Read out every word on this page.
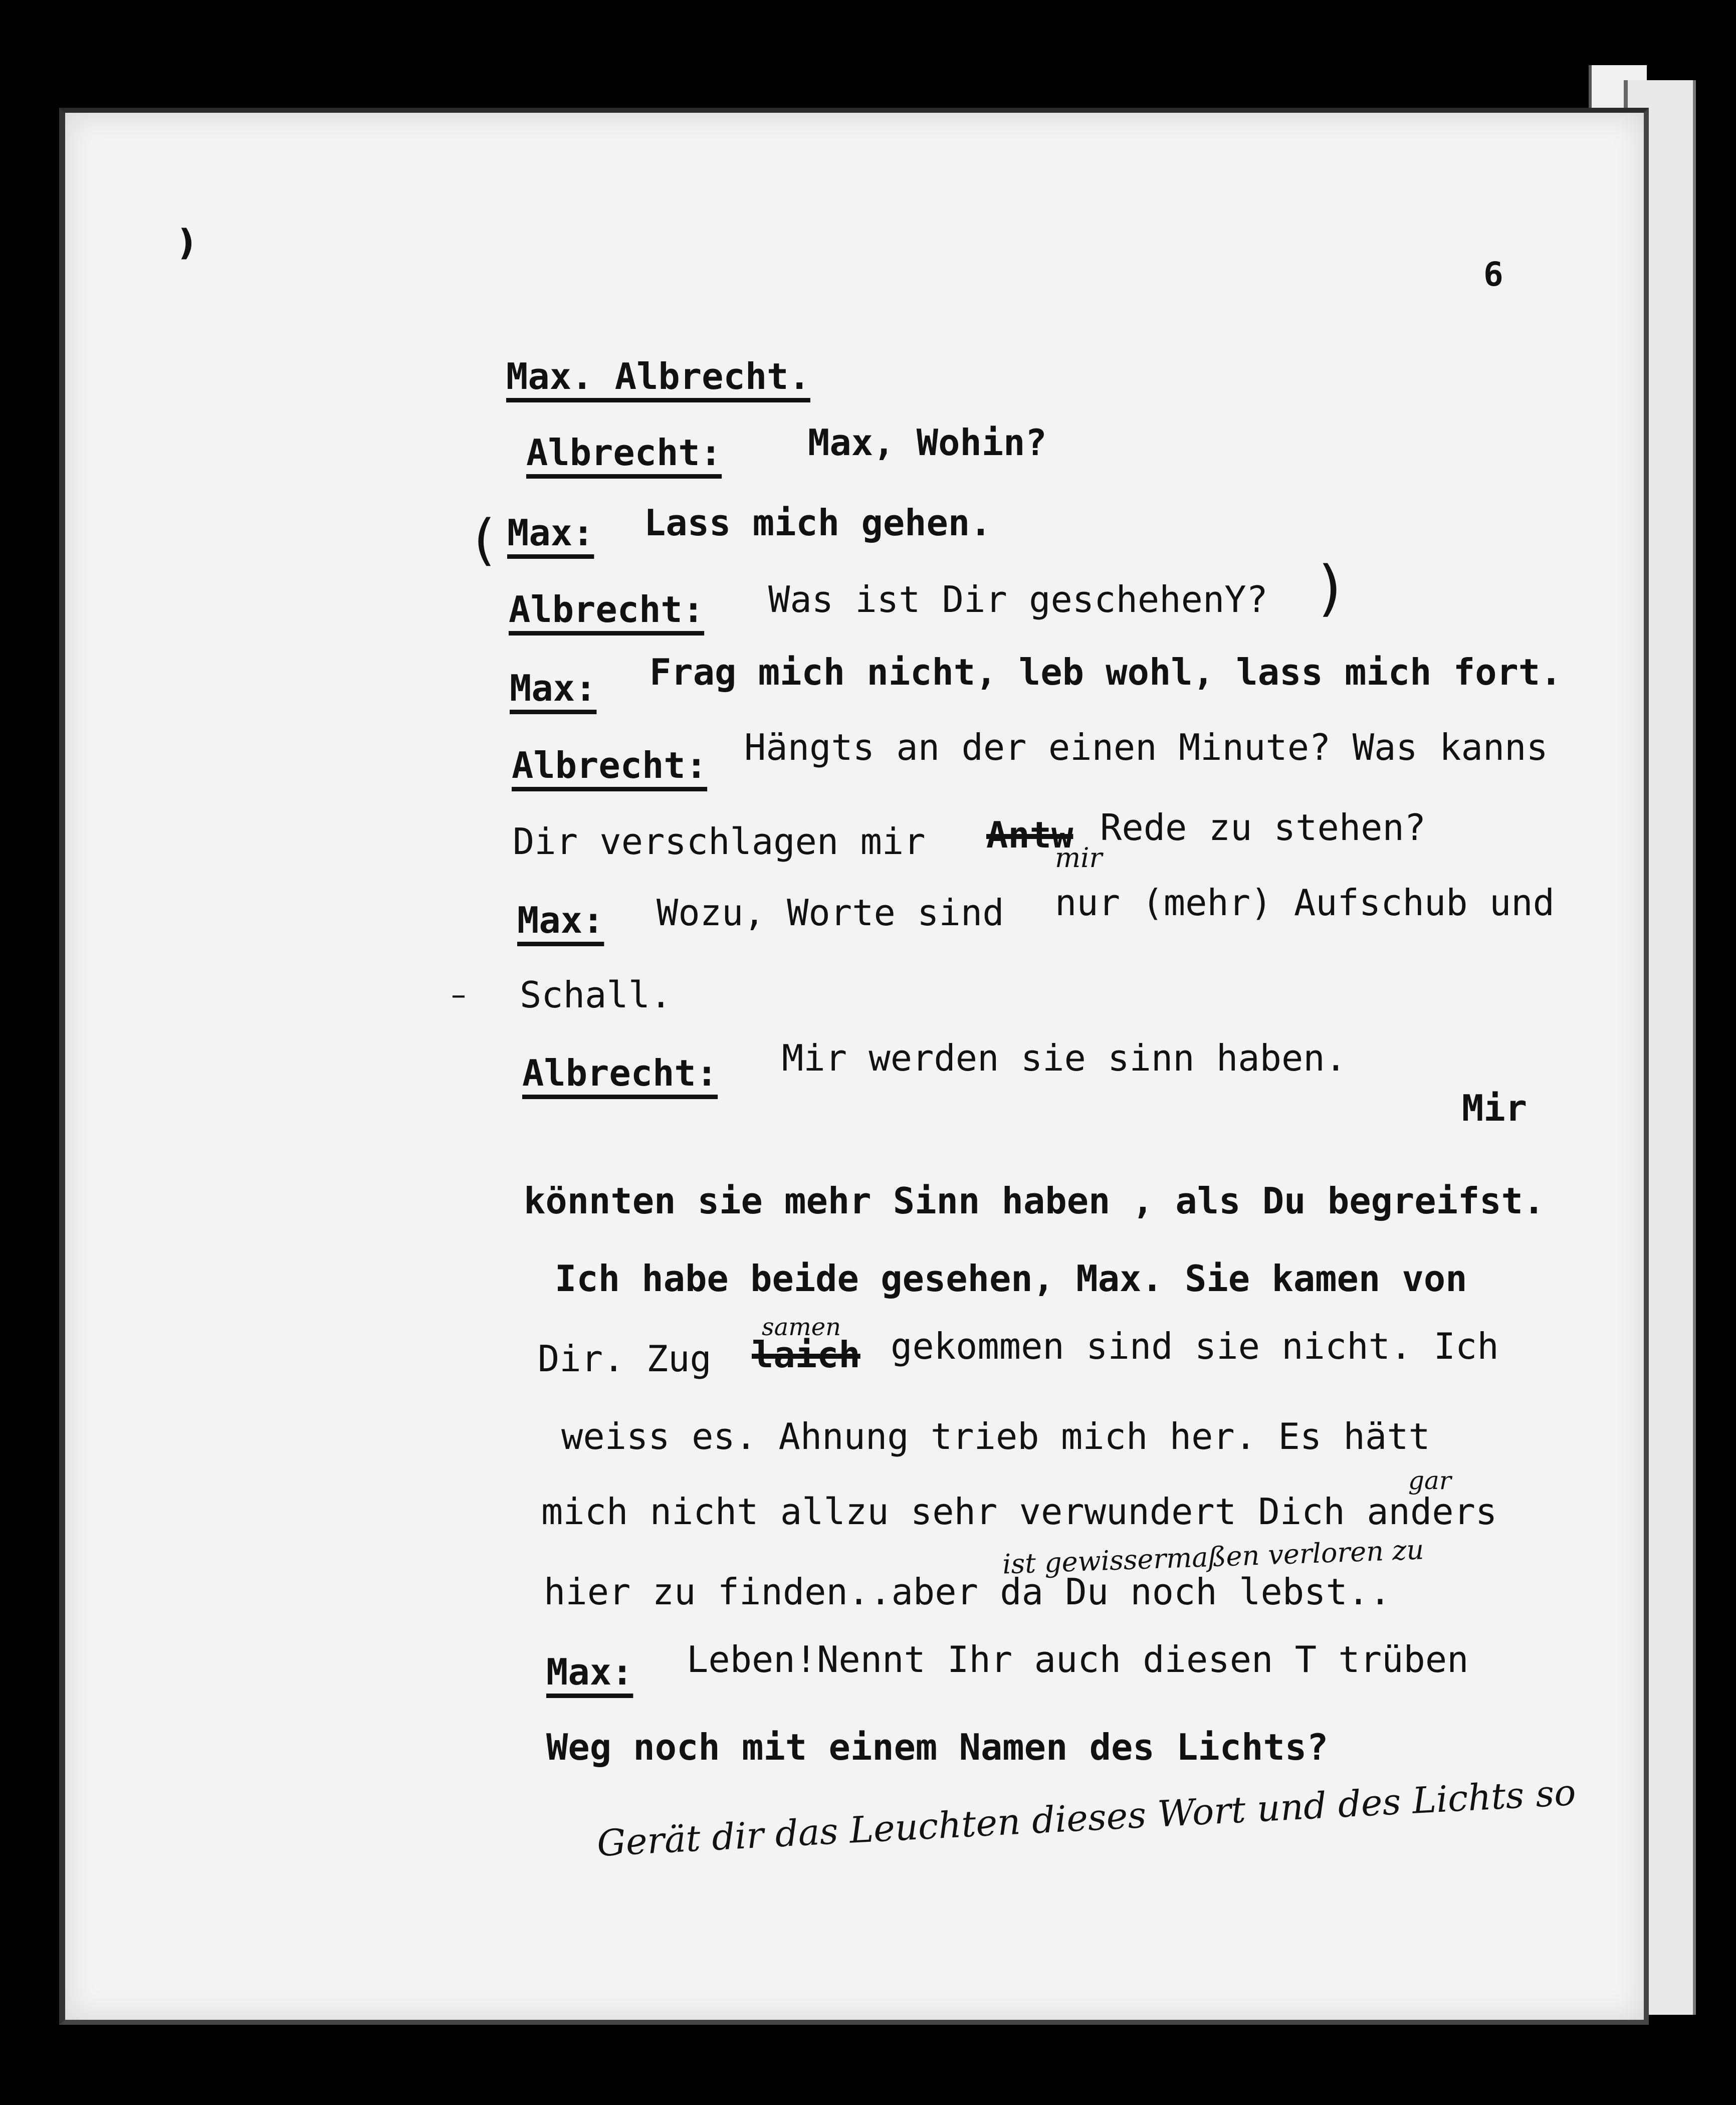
)
6
Max. Albrecht.
Albrecht: Max, Wohin?
( Max: Lass mich gehen.
Albrecht: Was ist Dir geschehenY? )
Max: Frag mich nicht, leb wohl, lass mich fort.
Albrecht: Hängts an der einen Minute? Was kanns
Dir verschlagen mir Antw Rede zu stehen?
Max: Wozu, Worte sind nur (mehr) Aufschub und
mir
Schall.
–
Albrecht: Mir werden sie sinn haben.
Mir
könnten sie mehr Sinn haben , als Du begreifst.
Ich habe beide gesehen, Max. Sie kamen von
Dir. Zug laich gekommen sind sie nicht. Ich
samen
weiss es. Ahnung trieb mich her. Es hätt
mich nicht allzu sehr verwundert Dich anders
gar
ist gewissermaßen verloren zu
hier zu finden..aber da Du noch lebst..
Max: Leben!Nennt Ihr auch diesen T trüben
Weg noch mit einem Namen des Lichts?
Gerät dir das Leuchten dieses Wort und des Lichts so
